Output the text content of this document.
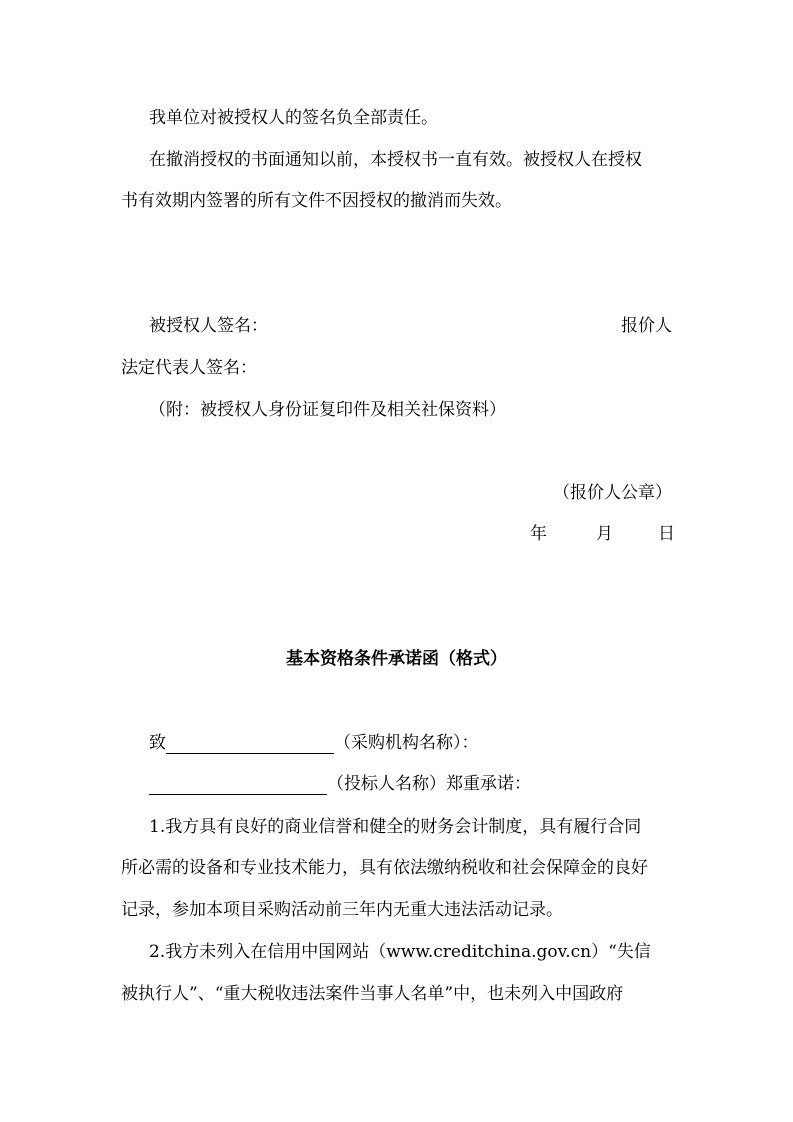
我单位对被授权人的签名负全部责任。
在撤消授权的书面通知以前，本授权书一直有效。被授权人在授权
书有效期内签署的所有文件不因授权的撤消而失效。
被授权人签名：	报价人
法定代表人签名：
（附：被授权人身份证复印件及相关社保资料）
（报价人公章）
年	月	日
基本资格条件承诺函（格式）
致	（采购机构名称）：
（投标人名称）郑重承诺：
1.我方具有良好的商业信誉和健全的财务会计制度，具有履行合同
所必需的设备和专业技术能力，具有依法缴纳税收和社会保障金的良好
记录，参加本项目采购活动前三年内无重大违法活动记录。
2.我方未列入在信用中国网站（www.creditchina.gov.cn）“失信
被执行人”、“重大税收违法案件当事人名单”中，也未列入中国政府
